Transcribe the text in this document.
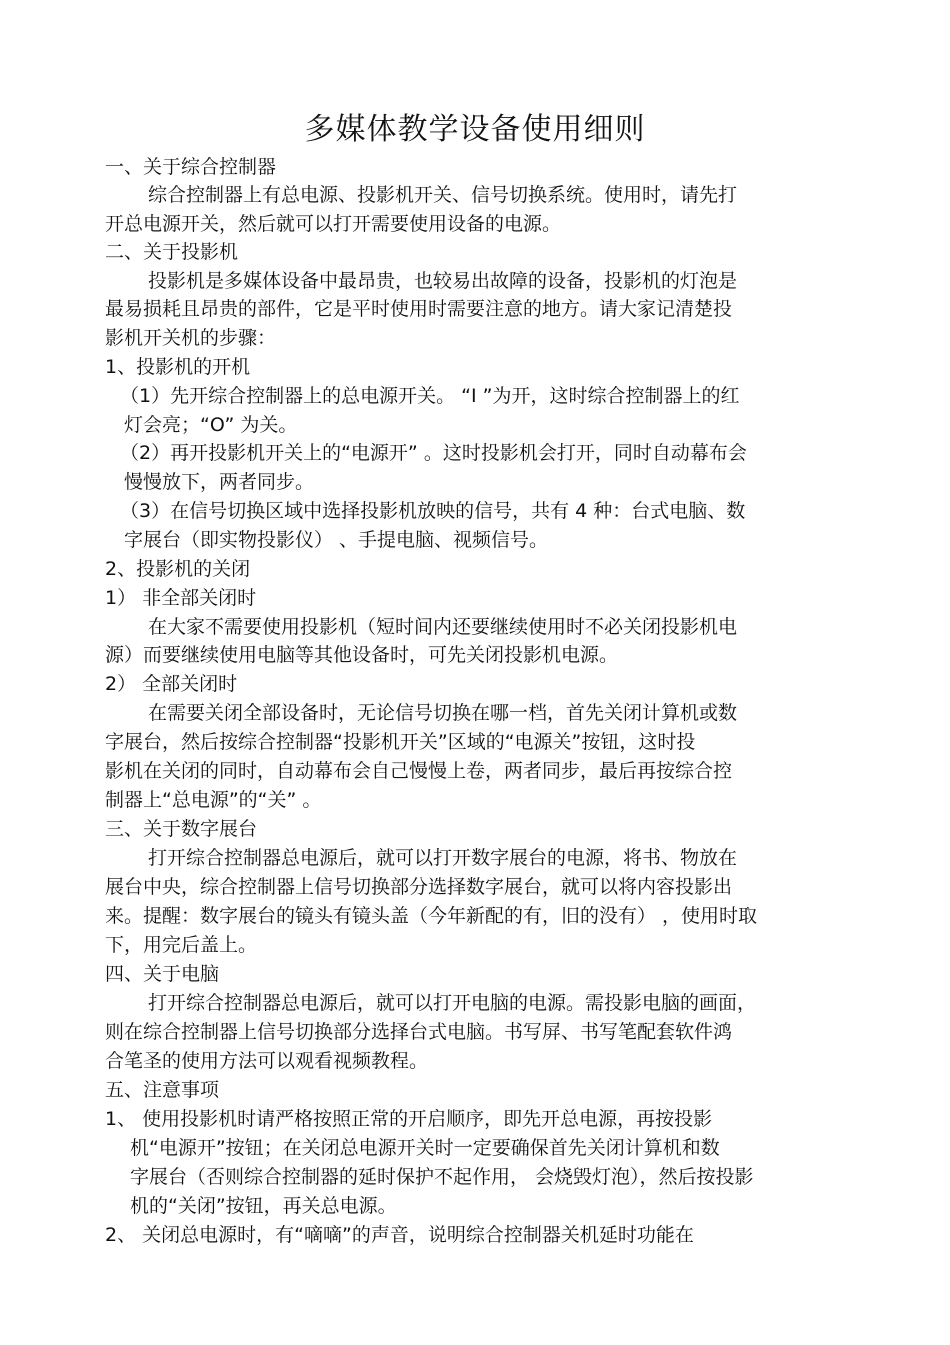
多媒体教学设备使用细则
一、关于综合控制器
综合控制器上有总电源、投影机开关、信号切换系统。使用时，请先打
开总电源开关，然后就可以打开需要使用设备的电源。
二、关于投影机
投影机是多媒体设备中最昂贵，也较易出故障的设备，投影机的灯泡是
最易损耗且昂贵的部件，它是平时使用时需要注意的地方。请大家记清楚投
影机开关机的步骤：
1、投影机的开机
（1）先开综合控制器上的总电源开关。 “I ”为开，这时综合控制器上的红
灯会亮；“O” 为关。
（2）再开投影机开关上的“电源开” 。这时投影机会打开，同时自动幕布会
慢慢放下，两者同步。
（3）在信号切换区域中选择投影机放映的信号，共有 4 种：台式电脑、数
字展台（即实物投影仪） 、手提电脑、视频信号。
2、投影机的关闭
1） 非全部关闭时
在大家不需要使用投影机（短时间内还要继续使用时不必关闭投影机电
源）而要继续使用电脑等其他设备时，可先关闭投影机电源。
2） 全部关闭时
在需要关闭全部设备时，无论信号切换在哪一档，首先关闭计算机或数
字展台，然后按综合控制器“投影机开关”区域的“电源关”按钮，这时投
影机在关闭的同时，自动幕布会自己慢慢上卷，两者同步，最后再按综合控
制器上“总电源”的“关” 。
三、关于数字展台
打开综合控制器总电源后，就可以打开数字展台的电源，将书、物放在
展台中央，综合控制器上信号切换部分选择数字展台，就可以将内容投影出
来。提醒：数字展台的镜头有镜头盖（今年新配的有，旧的没有） ，使用时取
下，用完后盖上。
四、关于电脑
打开综合控制器总电源后，就可以打开电脑的电源。需投影电脑的画面，
则在综合控制器上信号切换部分选择台式电脑。书写屏、书写笔配套软件鸿
合笔圣的使用方法可以观看视频教程。
五、注意事项
1、 使用投影机时请严格按照正常的开启顺序，即先开总电源，再按投影
机“电源开”按钮；在关闭总电源开关时一定要确保首先关闭计算机和数
字展台（否则综合控制器的延时保护不起作用， 会烧毁灯泡），然后按投影
机的“关闭”按钮，再关总电源。
2、 关闭总电源时，有“嘀嘀”的声音，说明综合控制器关机延时功能在
